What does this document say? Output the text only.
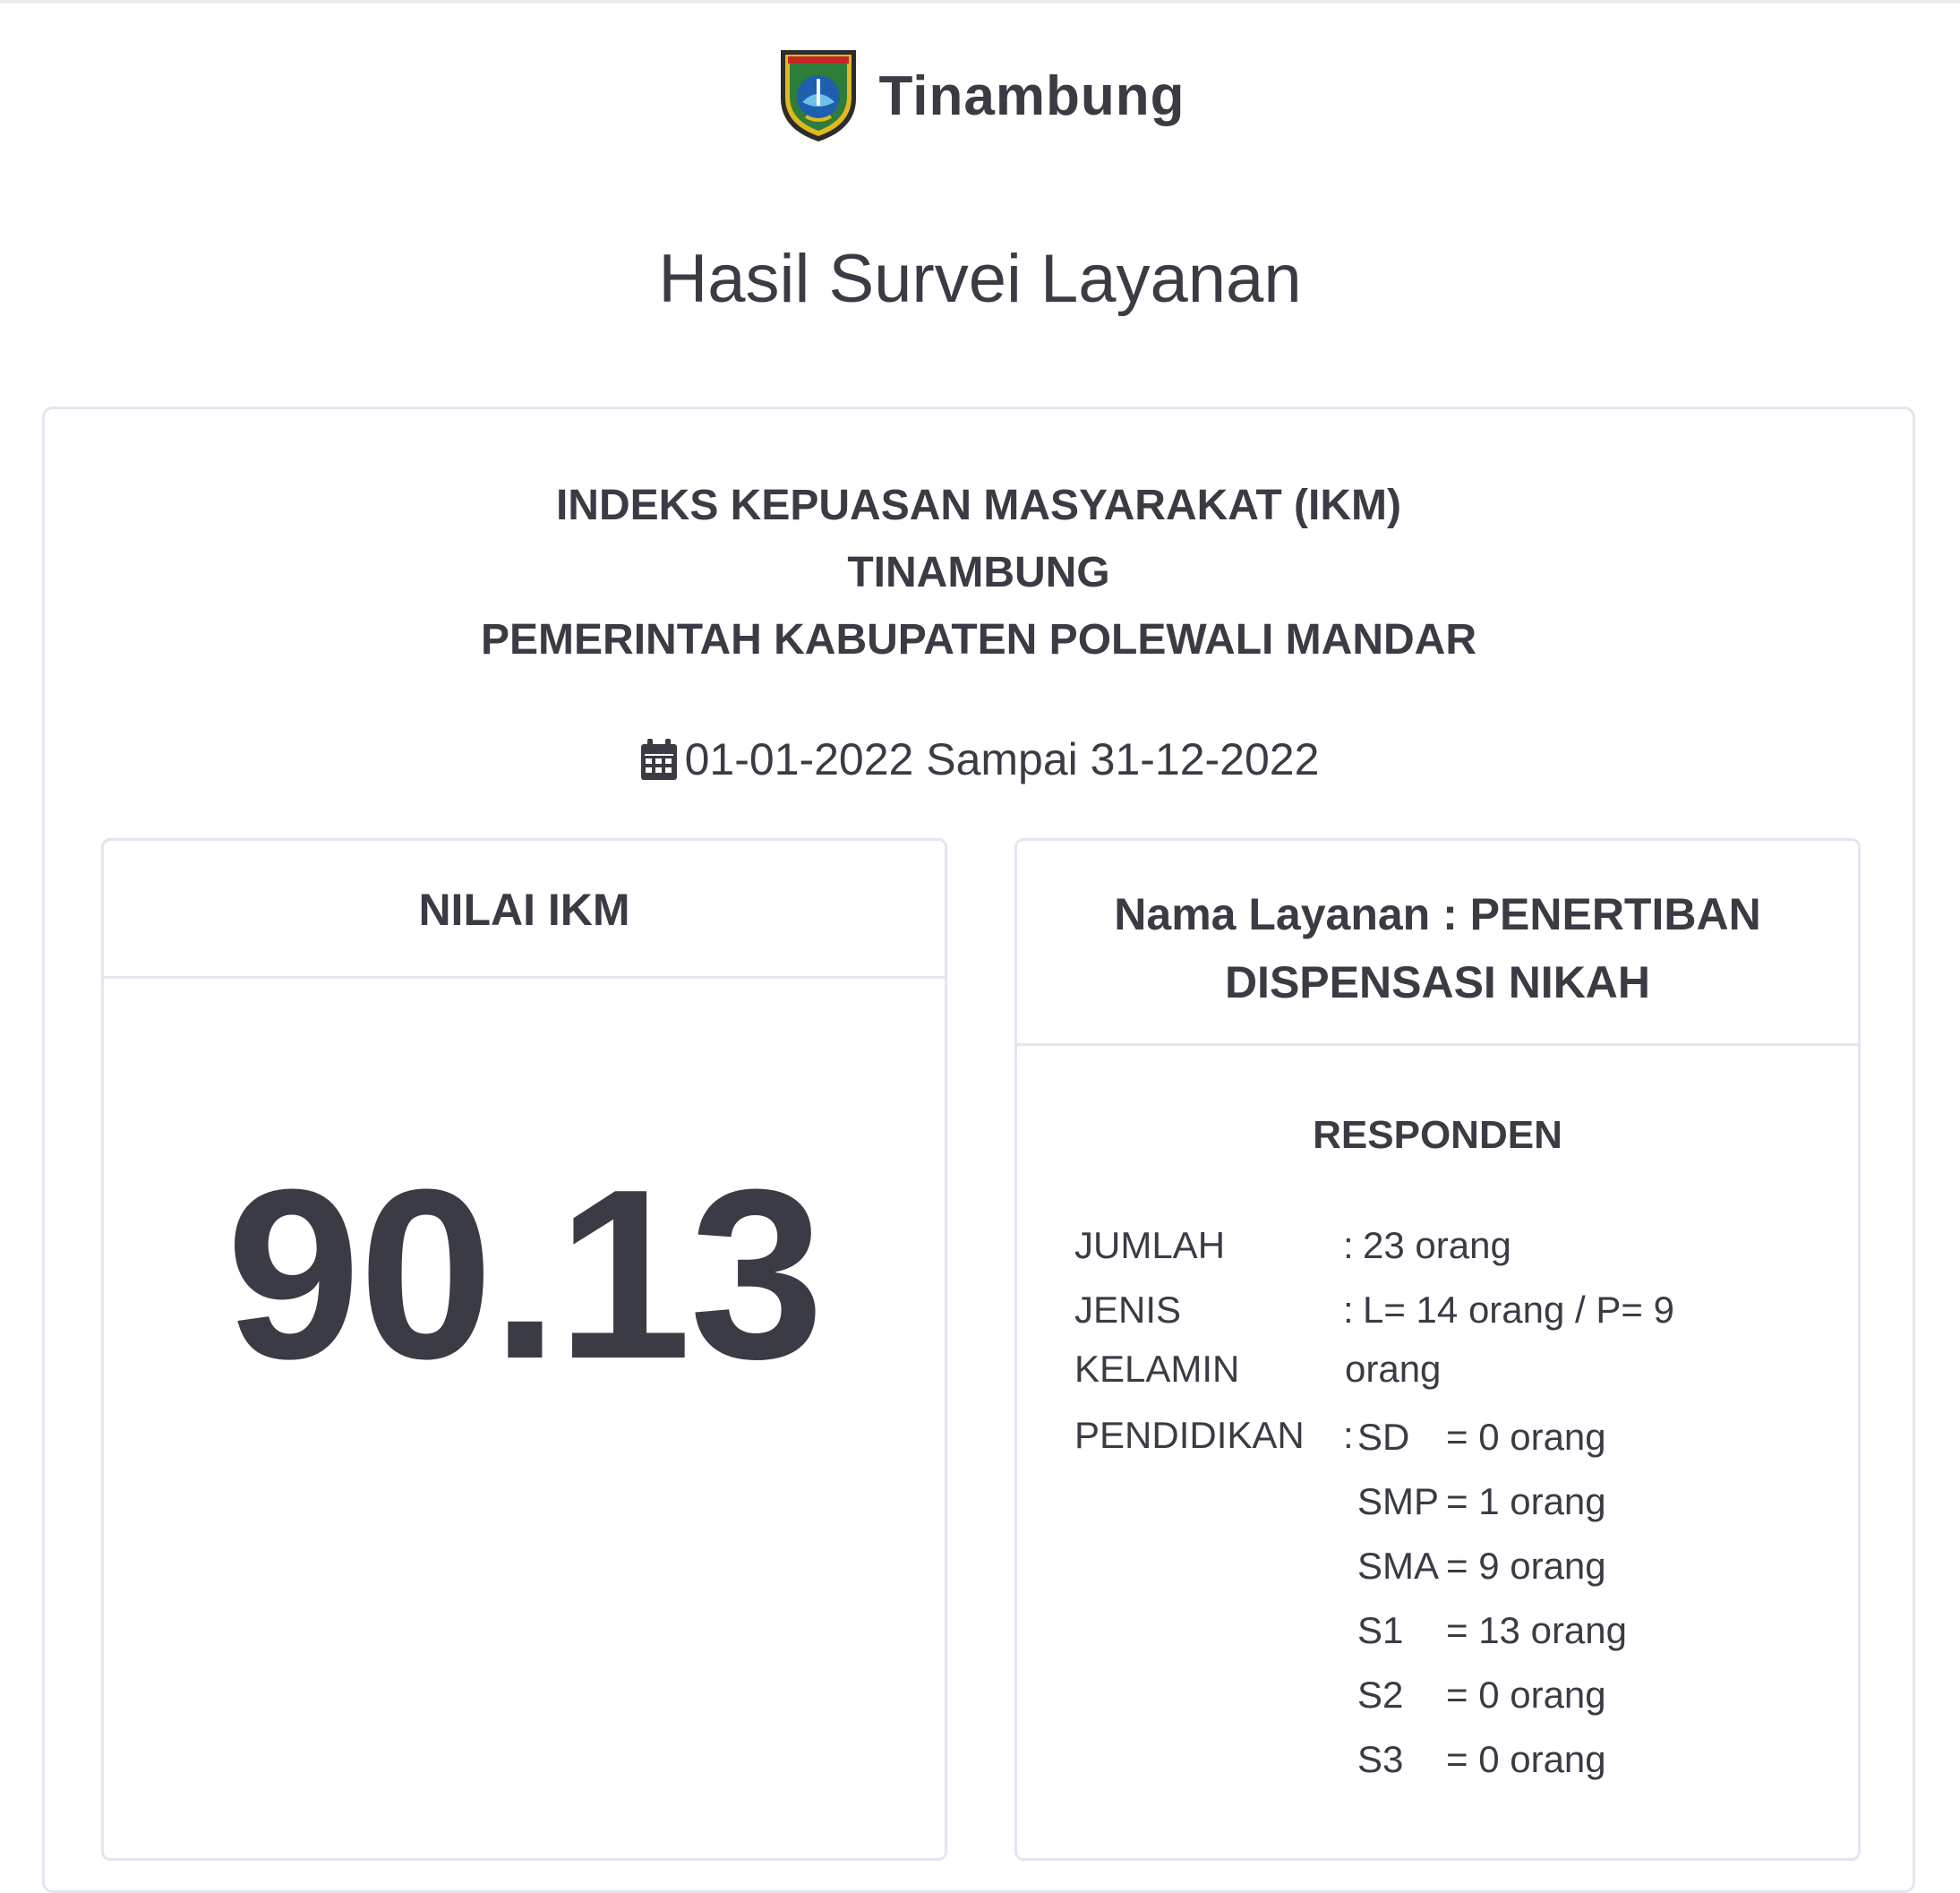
Tinambung
Hasil Survei Layanan
INDEKS KEPUASAN MASYARAKAT (IKM)
TINAMBUNG
PEMERINTAH KABUPATEN POLEWALI MANDAR
01-01-2022 Sampai 31-12-2022
NILAI IKM
90.13
Nama Layanan : PENERTIBAN
DISPENSASI NIKAH
RESPONDEN
JUMLAH	: 23 orang
JENIS	: L= 14 orang / P= 9
KELAMIN	orang
PENDIDIKAN : SD = 0 orang
SMP = 1 orang
SMA = 9 orang
S1 = 13 orang
S2 = 0 orang
S3 = 0 orang
